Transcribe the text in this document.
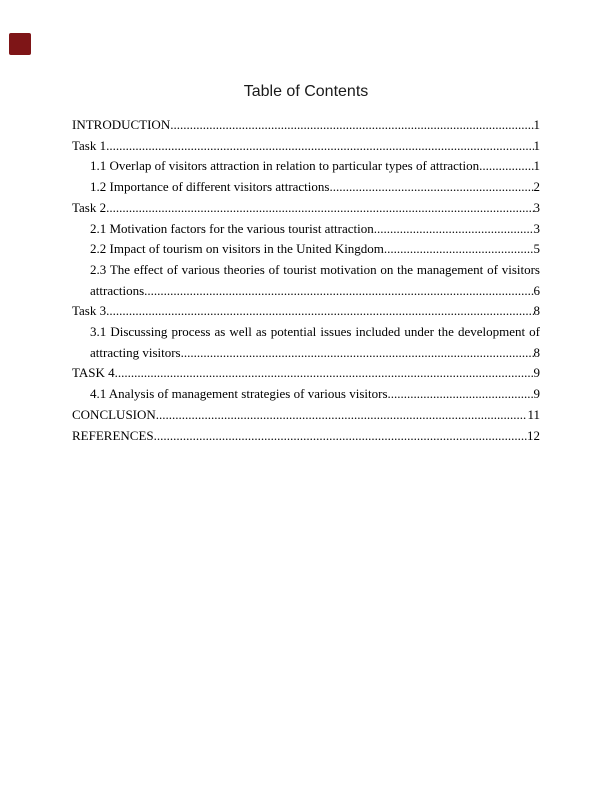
Table of Contents
INTRODUCTION .....	1
Task 1 .....	1
1.1 Overlap of visitors attraction in relation to particular types of attraction .....	1
1.2 Importance of different visitors attractions .....	2
Task 2 .....	3
2.1 Motivation factors for the various tourist attraction .....	3
2.2 Impact of tourism on visitors in the United Kingdom .....	5
2.3 The effect of various theories of tourist motivation on the management of visitors
attractions .....	6
Task 3 .....	8
3.1 Discussing process as well as potential issues included under the development of
attracting visitors .....	8
TASK 4 .....	9
4.1 Analysis of management strategies of various visitors .....	9
CONCLUSION .....	11
REFERENCES .....	12
